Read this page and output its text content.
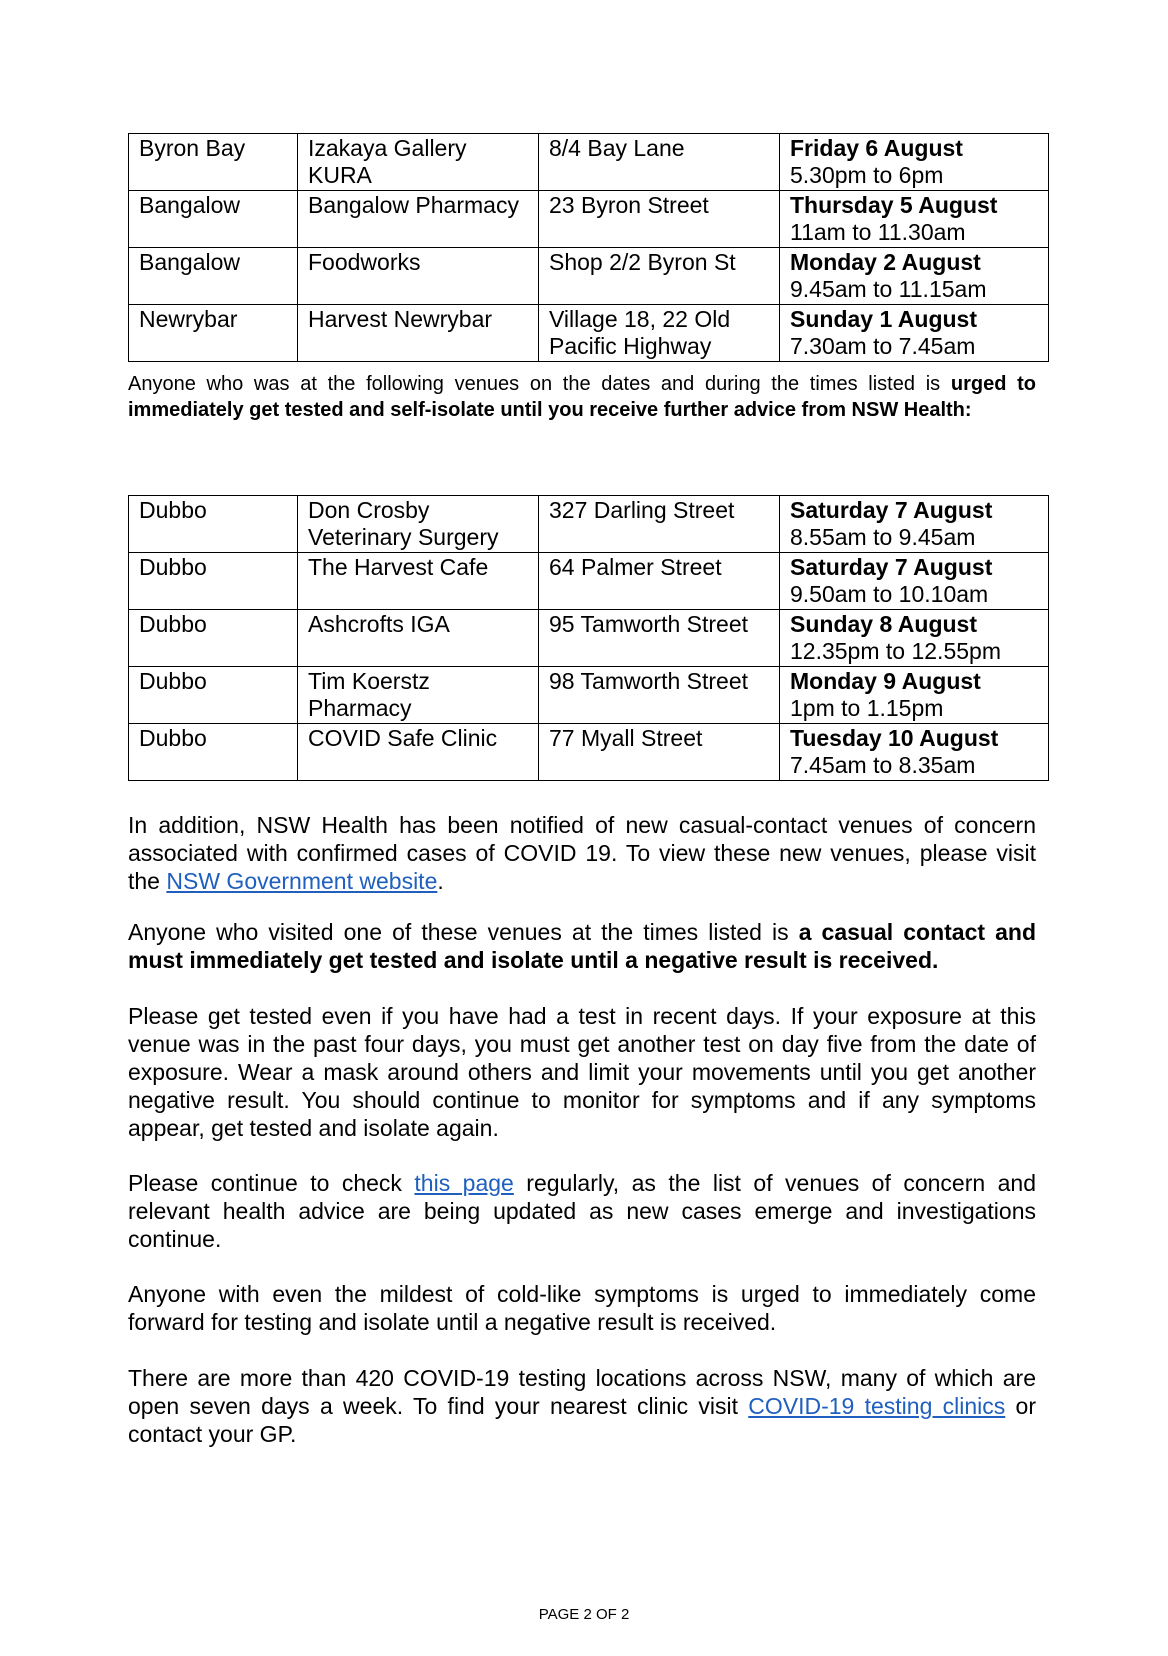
Byron Bay	Izakaya Gallery KURA	8/4 Bay Lane	Friday 6 August
5.30pm to 6pm

Bangalow	Bangalow Pharmacy	23 Byron Street	Thursday 5 August
11am to 11.30am

Bangalow	Foodworks	Shop 2/2 Byron St	Monday 2 August
9.45am to 11.15am

Newrybar	Harvest Newrybar	Village 18, 22 Old Pacific Highway	Sunday 1 August
7.30am to 7.45am
Anyone who was at the following venues on the dates and during the times listed is urged to immediately get tested and self-isolate until you receive further advice from NSW Health:
Dubbo	Don Crosby Veterinary Surgery	327 Darling Street	Saturday 7 August
8.55am to 9.45am

Dubbo	The Harvest Cafe	64 Palmer Street	Saturday 7 August
9.50am to 10.10am

Dubbo	Ashcrofts IGA	95 Tamworth Street	Sunday 8 August
12.35pm to 12.55pm

Dubbo	Tim Koerstz Pharmacy	98 Tamworth Street	Monday 9 August
1pm to 1.15pm

Dubbo	COVID Safe Clinic	77 Myall Street	Tuesday 10 August
7.45am to 8.35am
In addition, NSW Health has been notified of new casual-contact venues of concern associated with confirmed cases of COVID 19. To view these new venues, please visit the NSW Government website.
Anyone who visited one of these venues at the times listed is a casual contact and must immediately get tested and isolate until a negative result is received.
Please get tested even if you have had a test in recent days. If your exposure at this venue was in the past four days, you must get another test on day five from the date of exposure. Wear a mask around others and limit your movements until you get another negative result. You should continue to monitor for symptoms and if any symptoms appear, get tested and isolate again.
Please continue to check this page regularly, as the list of venues of concern and relevant health advice are being updated as new cases emerge and investigations continue.
Anyone with even the mildest of cold-like symptoms is urged to immediately come forward for testing and isolate until a negative result is received.
There are more than 420 COVID-19 testing locations across NSW, many of which are open seven days a week. To find your nearest clinic visit COVID-19 testing clinics or contact your GP.
PAGE 2 OF 2
